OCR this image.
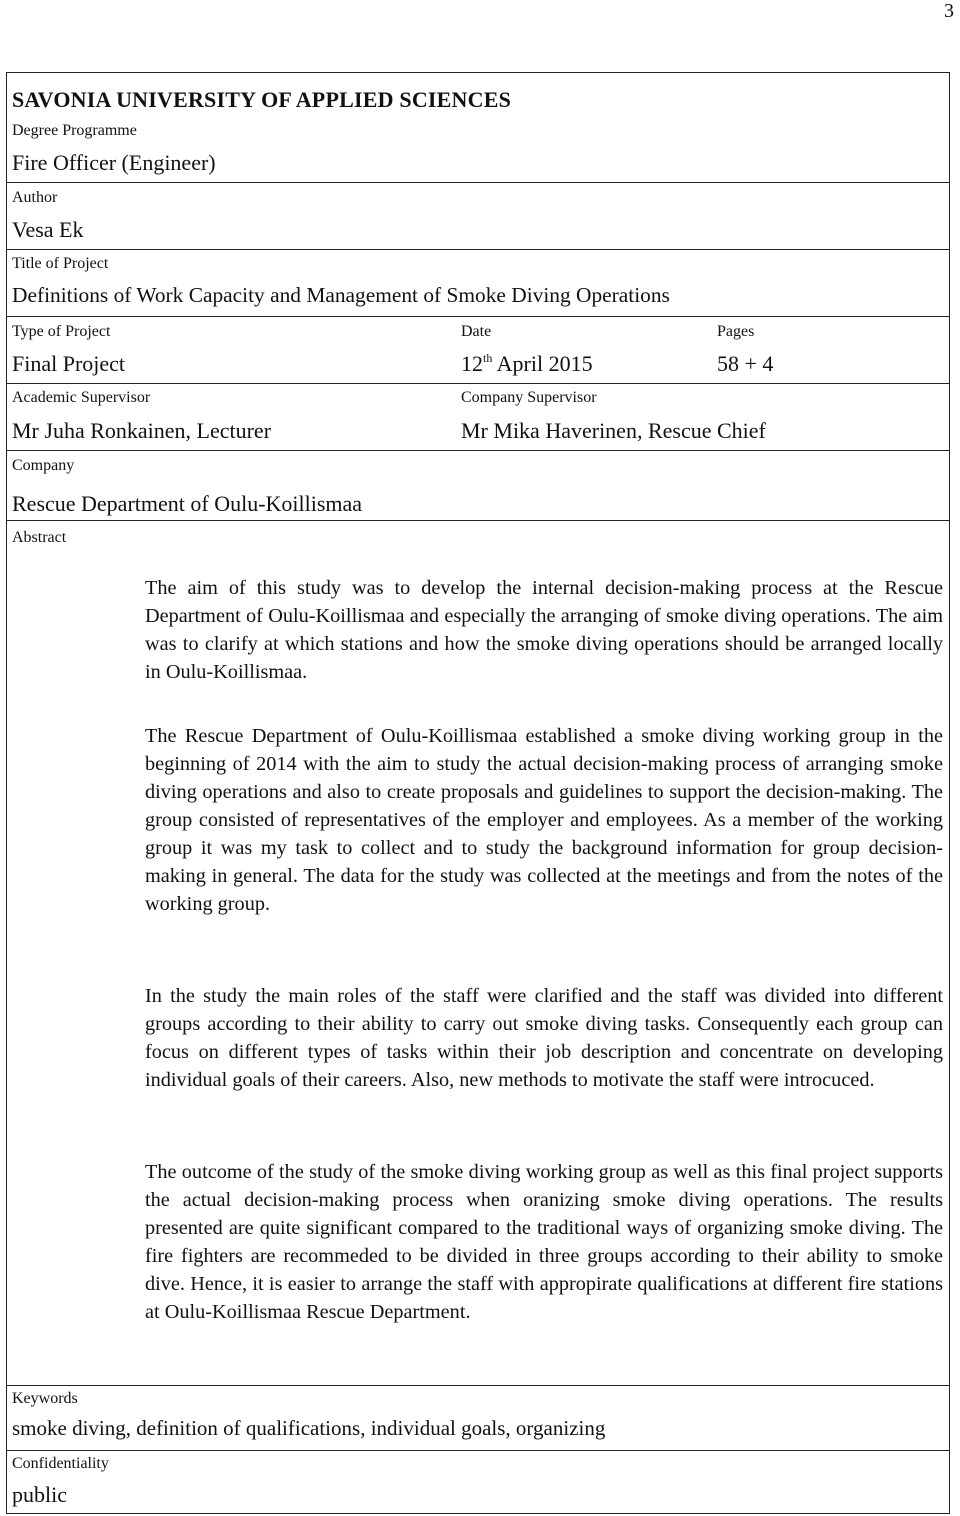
3
SAVONIA UNIVERSITY OF APPLIED SCIENCES
Degree Programme
Fire Officer (Engineer)
Author
Vesa Ek
Title of Project
Definitions of Work Capacity and Management of Smoke Diving Operations
Type of Project
Final Project
Date
12th April 2015
Pages
58 + 4
Academic Supervisor
Mr Juha Ronkainen, Lecturer
Company Supervisor
Mr Mika Haverinen, Rescue Chief
Company
Rescue Department of Oulu-Koillismaa
Abstract

The aim of this study was to develop the internal decision-making process at the Rescue Department of Oulu-Koillismaa and especially the arranging of smoke diving operations. The aim was to clarify at which stations and how the smoke diving operations should be arranged locally in Oulu-Koillismaa.

The Rescue Department of Oulu-Koillismaa established a smoke diving working group in the beginning of 2014 with the aim to study the actual decision-making process of arranging smoke diving operations and also to create proposals and guidelines to support the decision-making. The group consisted of representatives of the employer and employees. As a member of the working group it was my task to collect and to study the background information for group decision-making in general. The data for the study was collected at the meetings and from the notes of the working group.

In the study the main roles of the staff were clarified and the staff was divided into different groups according to their ability to carry out smoke diving tasks. Consequently each group can focus on different types of tasks within their job description and concentrate on developing individual goals of their careers. Also, new methods to motivate the staff were introcuced.

The outcome of the study of the smoke diving working group as well as this final project supports the actual decision-making process when oranizing smoke diving operations. The results presented are quite significant compared to the traditional ways of organizing smoke diving. The fire fighters are recommeded to be divided in three groups according to their ability to smoke dive. Hence, it is easier to arrange the staff with appropirate qualifications at different fire stations at Oulu-Koillismaa Rescue Department.

Keywords
smoke diving, definition of qualifications, individual goals, organizing
Confidentiality
public
